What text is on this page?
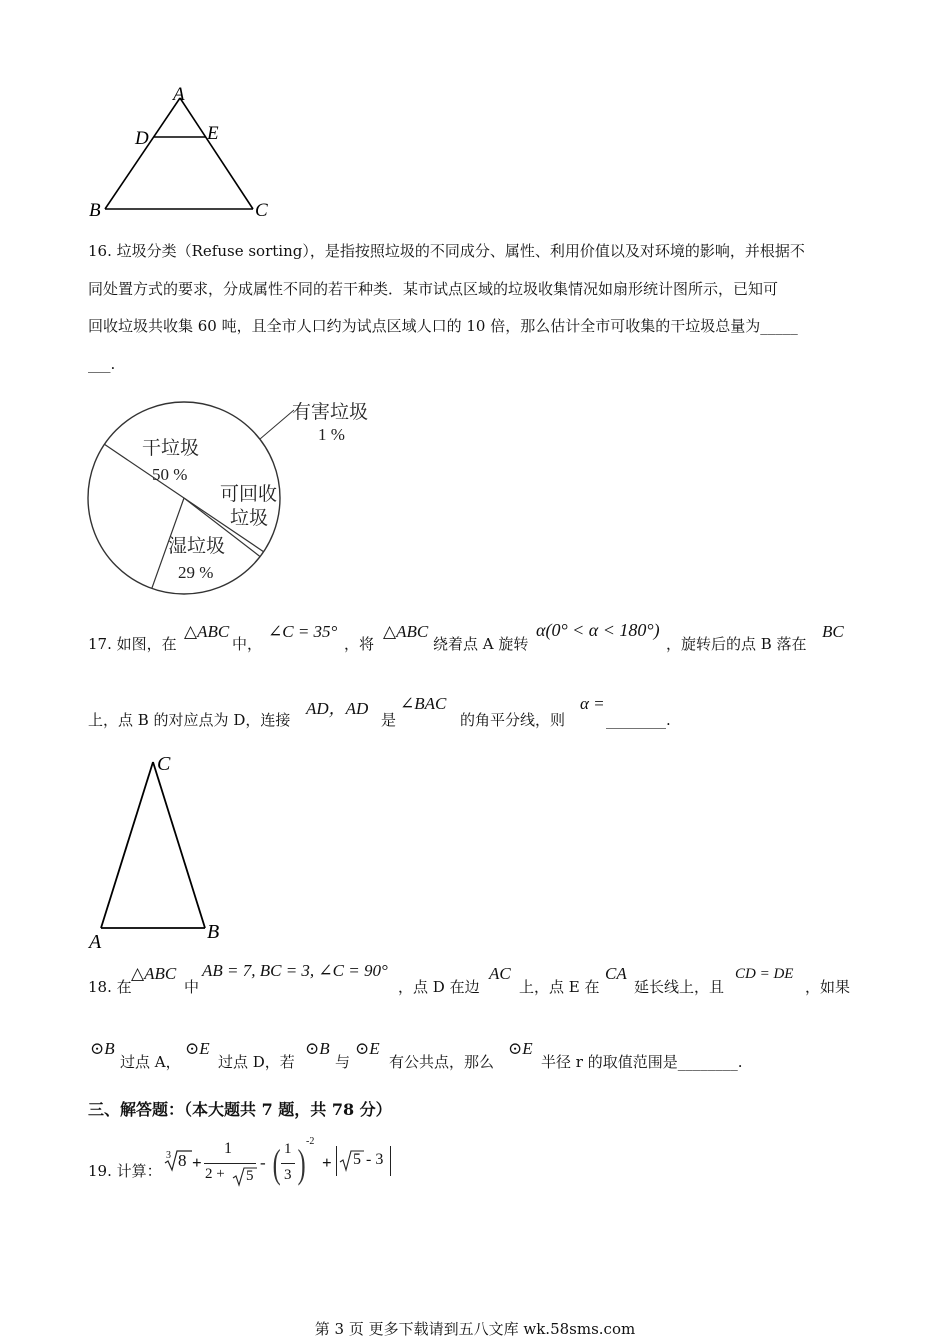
A
D	E
B	C
16. 垃圾分类（Refuse sorting），是指按照垃圾的不同成分、属性、利用价值以及对环境的影响，并根据不
同处置方式的要求，分成属性不同的若干种类．某市试点区域的垃圾收集情况如扇形统计图所示，已知可
回收垃圾共收集 60 吨，且全市人口约为试点区域人口的 10 倍，那么估计全市可收集的干垃圾总量为_____
___.
干垃圾
50 %
有害垃圾
1 %
可回收
垃圾
湿垃圾
29 %
17. 如图，在
△ABC
中，
∠C = 35°
，将
△ABC
绕着点 A 旋转
α(0° < α < 180°)
，旋转后的点 B 落在
BC
上，点 B 的对应点为 D，连接
AD，AD
是
∠BAC
的角平分线，则
α =
________.
C
A	B
18. 在
△ABC
中
AB = 7, BC = 3, ∠C = 90°
，点 D 在边
AC
上，点 E 在
CA
延长线上，且
CD = DE
，如果
⊙B
过点 A，
⊙E
过点 D，若
⊙B
与
⊙E
有公共点，那么
⊙E
半径 r 的取值范围是________.
三、解答题：（本大题共 7 题，共 78 分）
19. 计算：
3 8 +
1
2 + 5
- ( 1
3 ) -2
+ 5 - 3
第 3 页 更多下载请到五八文库 wk.58sms.com
